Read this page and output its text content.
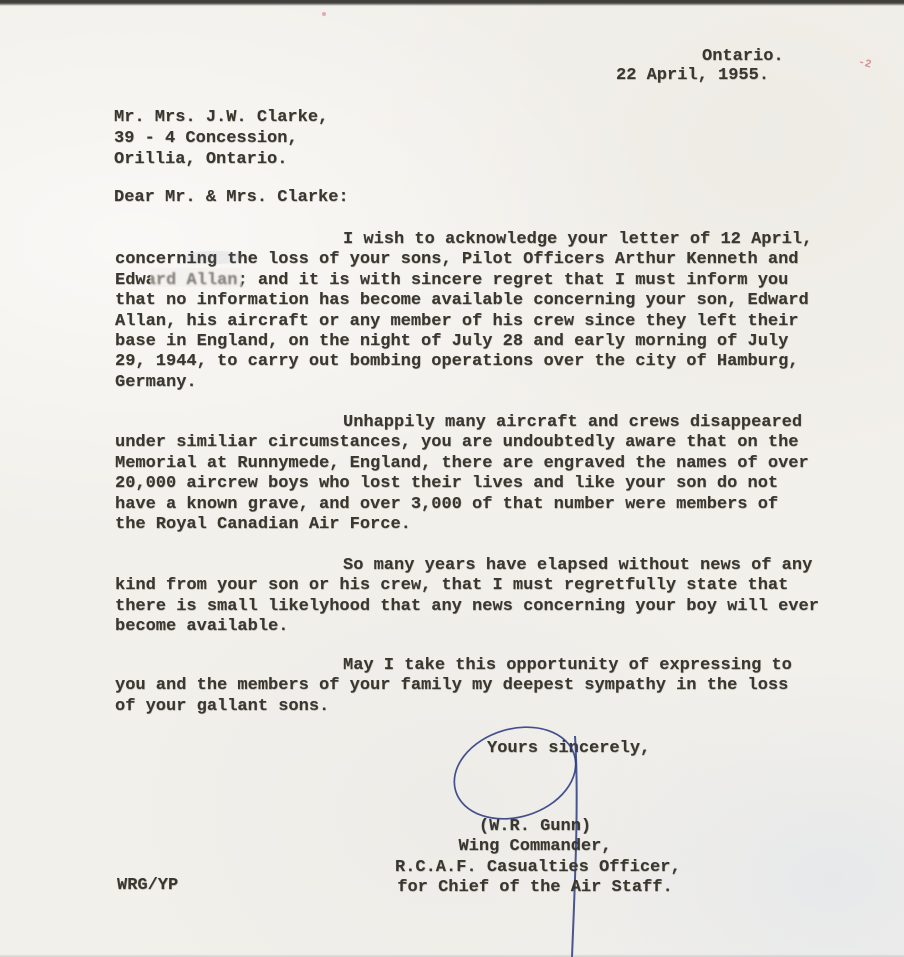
-2
Ontario.
22 April, 1955.
Mr. Mrs. J.W. Clarke,
39 - 4 Concession,
Orillia, Ontario.
Dear Mr. & Mrs. Clarke:
I wish to acknowledge your letter of 12 April,
concerning the loss of your sons, Pilot Officers Arthur Kenneth and
Edward Allan; and it is with sincere regret that I must inform you
that no information has become available concerning your son, Edward
Allan, his aircraft or any member of his crew since they left their
base in England, on the night of July 28 and early morning of July
29, 1944, to carry out bombing operations over the city of Hamburg,
Germany.
Unhappily many aircraft and crews disappeared
under similiar circumstances, you are undoubtedly aware that on the
Memorial at Runnymede, England, there are engraved the names of over
20,000 aircrew boys who lost their lives and like your son do not
have a known grave, and over 3,000 of that number were members of
the Royal Canadian Air Force.
So many years have elapsed without news of any
kind from your son or his crew, that I must regretfully state that
there is small likelyhood that any news concerning your boy will ever
become available.
May I take this opportunity of expressing to
you and the members of your family my deepest sympathy in the loss
of your gallant sons.
Yours sincerely,
(W.R. Gunn)
Wing Commander,
R.C.A.F. Casualties Officer,
for Chief of the Air Staff.
WRG/YP
